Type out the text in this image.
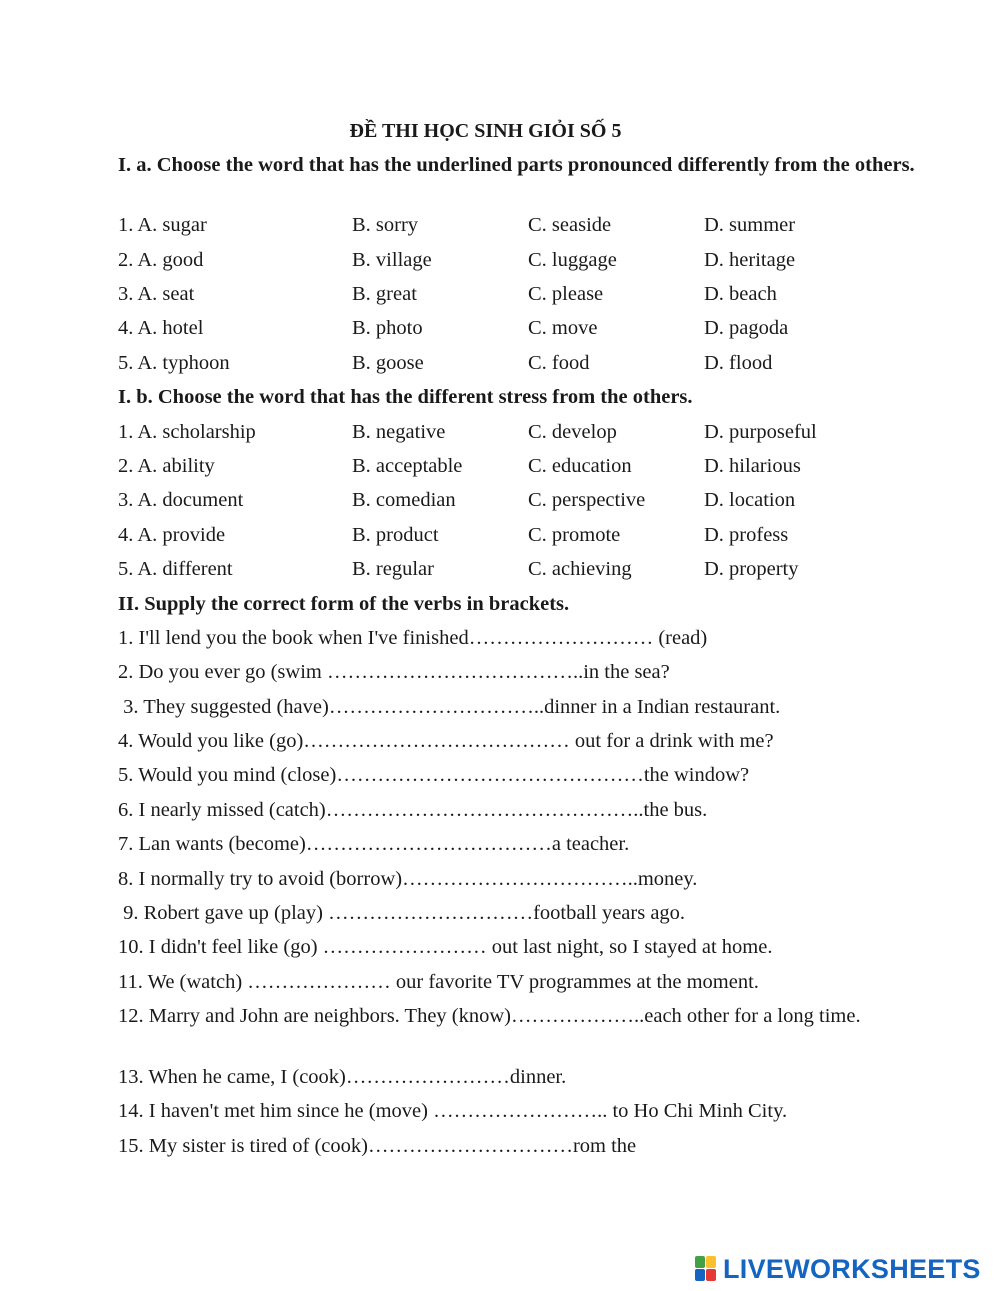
ĐỀ THI HỌC SINH GIỎI SỐ 5
I. a. Choose the word that has the underlined parts pronounced differently from the others.
1. A. sugar	B. sorry	C. seaside	D. summer
2. A. good	B. village	C. luggage	D. heritage
3. A. seat	B. great	C. please	D. beach
4. A. hotel	B. photo	C. move	D. pagoda
5. A. typhoon	B. goose	C. food	D. flood
I. b. Choose the word that has the different stress from the others.
1. A. scholarship	B. negative	C. develop	D. purposeful
2. A. ability	B. acceptable	C. education	D. hilarious
3. A. document	B. comedian	C. perspective	D. location
4. A. provide	B. product	C. promote	D. profess
5. A. different	B. regular	C. achieving	D. property
II. Supply the correct form of the verbs in brackets.
1. I'll lend you the book when I've finished……………………… (read)
2. Do you ever go (swim ………………………………..in the sea?
3. They suggested (have)…………………………..dinner in a Indian restaurant.
4. Would you like (go)………………………………… out for a drink with me?
5. Would you mind (close)………………………………………the window?
6. I nearly missed (catch)………………………………………..the bus.
7. Lan wants (become)………………………………a teacher.
8. I normally try to avoid (borrow)……………………………..money.
9. Robert gave up (play) …………………………football years ago.
10. I didn't feel like (go) …………………… out last night, so I stayed at home.
11. We (watch) ………………… our favorite TV programmes at the moment.
12. Marry and John are neighbors. They (know)………………..each other for a long time.
13. When he came, I (cook)……………………dinner.
14. I haven't met him since he (move) …………………….. to Ho Chi Minh City.
15. My sister is tired of (cook)…………………………rom the
LIVEWORKSHEETS
